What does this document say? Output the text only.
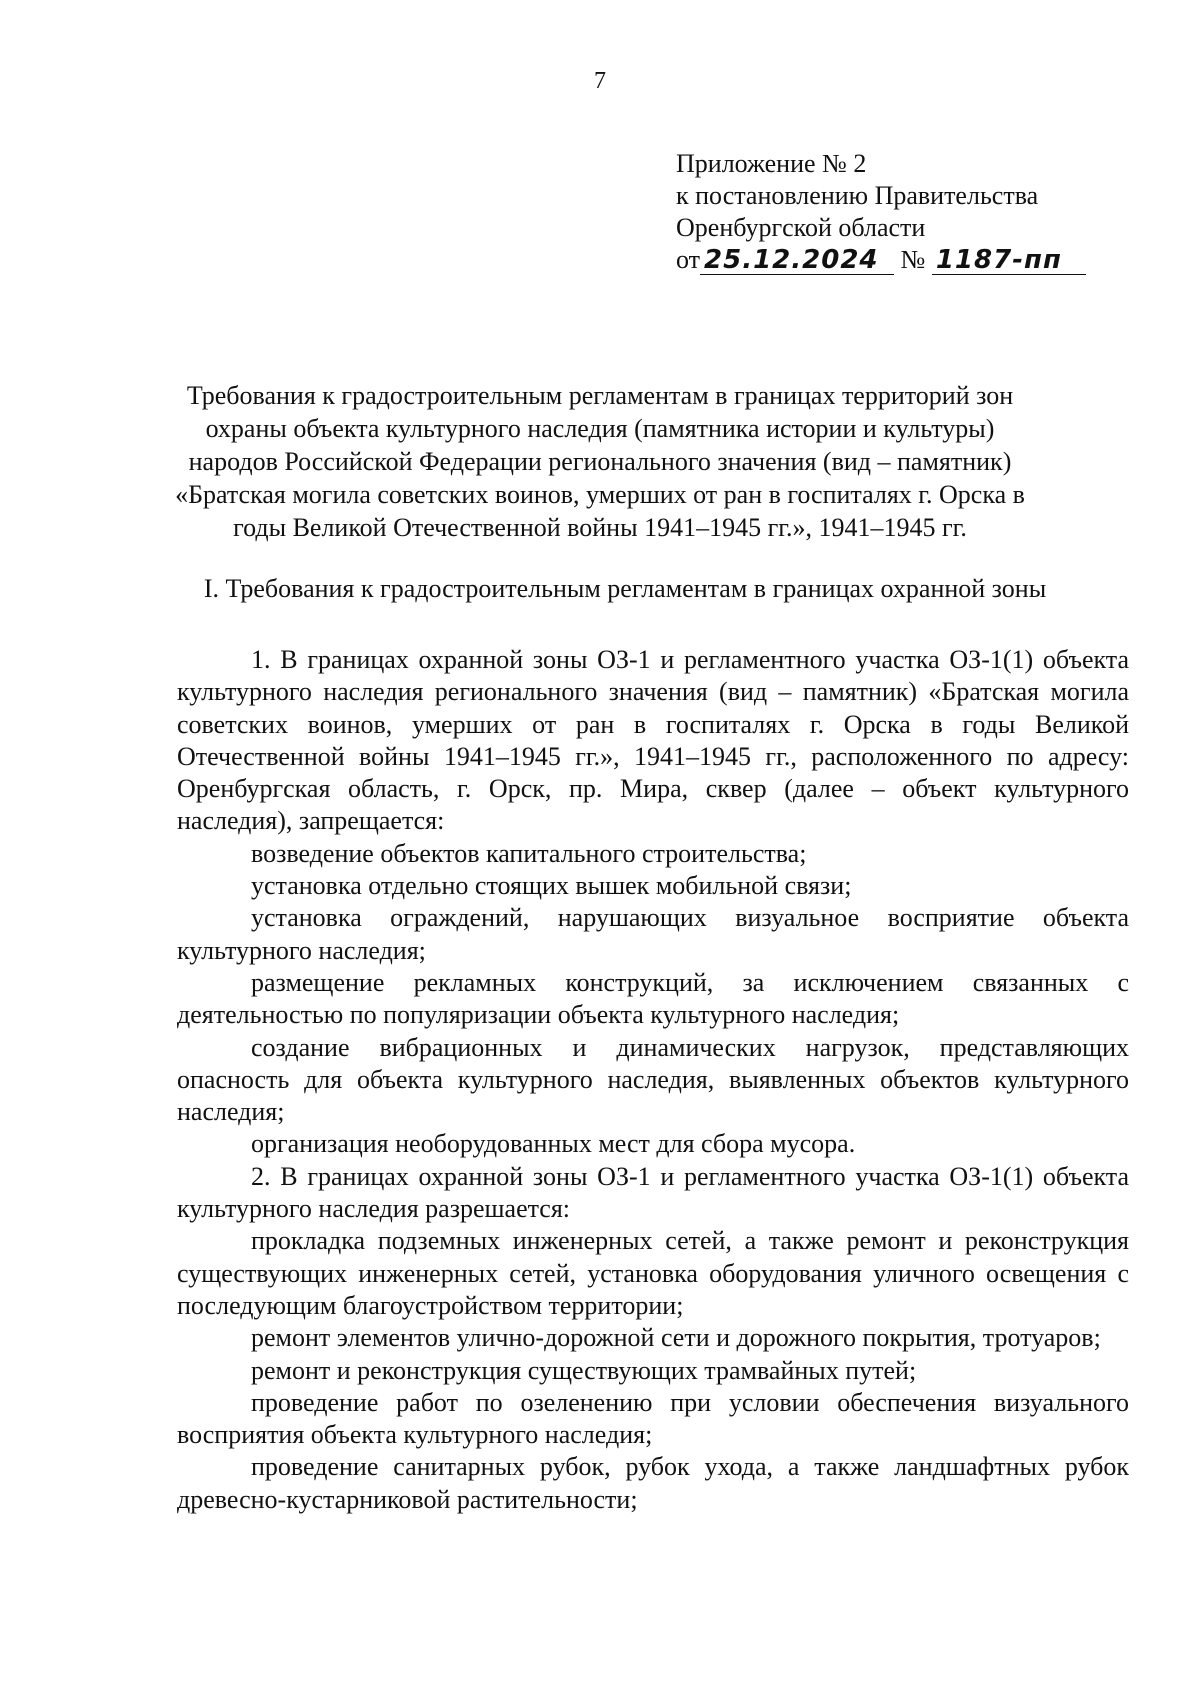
7
Приложение № 2
к постановлению Правительства
Оренбургской области
от 25.12.2024 № 1187-пп
Требования к градостроительным регламентам в границах территорий зон
охраны объекта культурного наследия (памятника истории и культуры)
народов Российской Федерации регионального значения (вид – памятник)
«Братская могила советских воинов, умерших от ран в госпиталях г. Орска в
годы Великой Отечественной войны 1941–1945 гг.», 1941–1945 гг.
I. Требования к градостроительным регламентам в границах охранной зоны

1. В границах охранной зоны ОЗ-1 и регламентного участка ОЗ-1(1) объекта культурного наследия регионального значения (вид – памятник) «Братская могила советских воинов, умерших от ран в госпиталях г. Орска в годы Великой Отечественной войны 1941–1945 гг.», 1941–1945 гг., расположенного по адресу: Оренбургская область, г. Орск, пр. Мира, сквер (далее – объект культурного наследия), запрещается:

возведение объектов капитального строительства;

установка отдельно стоящих вышек мобильной связи;

установка ограждений, нарушающих визуальное восприятие объекта культурного наследия;

размещение рекламных конструкций, за исключением связанных с деятельностью по популяризации объекта культурного наследия;

создание вибрационных и динамических нагрузок, представляющих опасность для объекта культурного наследия, выявленных объектов культурного наследия;

организация необорудованных мест для сбора мусора.

2. В границах охранной зоны ОЗ-1 и регламентного участка ОЗ-1(1) объекта культурного наследия разрешается:

прокладка подземных инженерных сетей, а также ремонт и реконструкция существующих инженерных сетей, установка оборудования уличного освещения с последующим благоустройством территории;

ремонт элементов улично-дорожной сети и дорожного покрытия, тротуаров;

ремонт и реконструкция существующих трамвайных путей;

проведение работ по озеленению при условии обеспечения визуального восприятия объекта культурного наследия;

проведение санитарных рубок, рубок ухода, а также ландшафтных рубок древесно-кустарниковой растительности;
